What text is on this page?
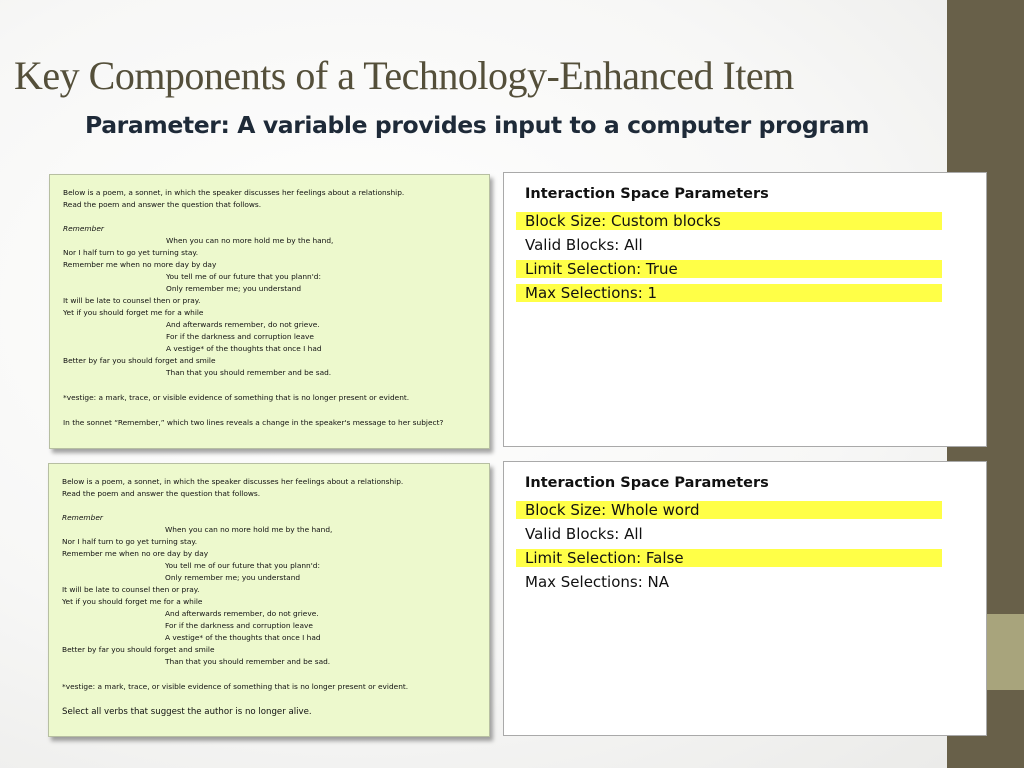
Key Components of a Technology-Enhanced Item
Parameter: A variable provides input to a computer program
Below is a poem, a sonnet, in which the speaker discusses her feelings about a relationship.
Read the poem and answer the question that follows.
Remember
When you can no more hold me by the hand,
Nor I half turn to go yet turning stay.
Remember me when no more day by day
You tell me of our future that you plann'd:
Only remember me; you understand
It will be late to counsel then or pray.
Yet if you should forget me for a while
And afterwards remember, do not grieve.
For if the darkness and corruption leave
A vestige* of the thoughts that once I had
Better by far you should forget and smile
Than that you should remember and be sad.
*vestige: a mark, trace, or visible evidence of something that is no longer present or evident.
In the sonnet “Remember,” which two lines reveals a change in the speaker's message to her subject?
Below is a poem, a sonnet, in which the speaker discusses her feelings about a relationship.
Read the poem and answer the question that follows.
Remember
When you can no more hold me by the hand,
Nor I half turn to go yet turning stay.
Remember me when no ore day by day
You tell me of our future that you plann'd:
Only remember me; you understand
It will be late to counsel then or pray.
Yet if you should forget me for a while
And afterwards remember, do not grieve.
For if the darkness and corruption leave
A vestige* of the thoughts that once I had
Better by far you should forget and smile
Than that you should remember and be sad.
*vestige: a mark, trace, or visible evidence of something that is no longer present or evident.
Select all verbs that suggest the author is no longer alive.
Interaction Space Parameters
Block Size: Custom blocks
Valid Blocks: All
Limit Selection: True
Max Selections: 1
Interaction Space Parameters
Block Size: Whole word
Valid Blocks: All
Limit Selection: False
Max Selections: NA
